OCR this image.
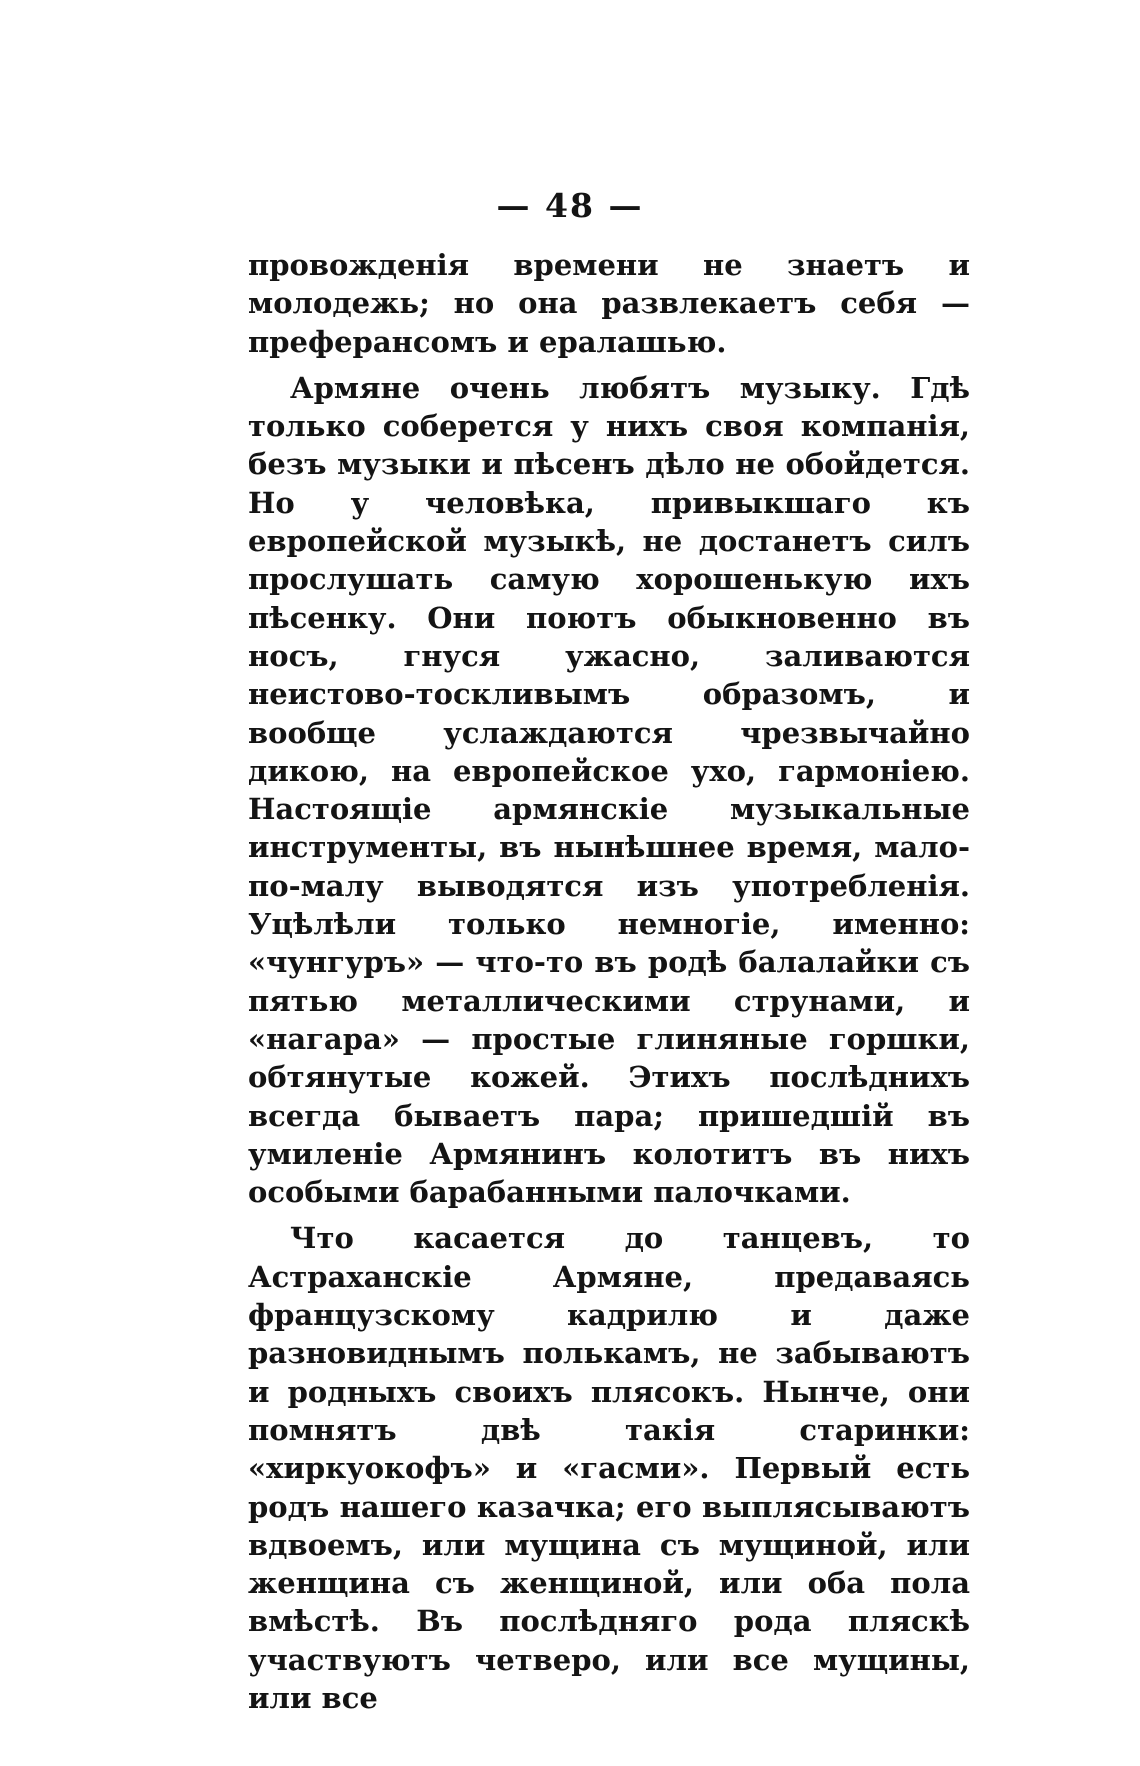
— 48 —

провожденія времени не знаетъ и молодежь; но она развлекаетъ себя — преферансомъ и ералашью.

Армяне очень любятъ музыку. Гдѣ только соберется у нихъ своя компанія, безъ музыки и пѣсенъ дѣло не обойдется. Но у человѣка, привыкшаго къ европейской музыкѣ, не достанетъ силъ прослушать самую хорошенькую ихъ пѣсенку. Они поютъ обыкновенно въ носъ, гнуся ужасно, заливаются неистово-тоскливымъ образомъ, и вообще услаждаются чрезвычайно дикою, на европейское ухо, гармоніею. Настоящіе армянскіе музыкальные инструменты, въ нынѣшнее время, мало-по-малу выводятся изъ употребленія. Уцѣлѣли только немногіе, именно: «чунгуръ» — что-то въ родѣ балалайки съ пятью металлическими струнами, и «нагара» — простые глиняные горшки, обтянутые кожей. Этихъ послѣднихъ всегда бываетъ пара; пришедшій въ умиленіе Армянинъ колотитъ въ нихъ особыми барабанными палочками.

Что касается до танцевъ, то Астраханскіе Армяне, предаваясь французскому кадрилю и даже разновиднымъ полькамъ, не забываютъ и родныхъ своихъ плясокъ. Нынче, они помнятъ двѣ такія старинки: «хиркуокофъ» и «гасми». Первый есть родъ нашего казачка; его выплясываютъ вдвоемъ, или мущина съ мущиной, или женщина съ женщиной, или оба пола вмѣстѣ. Въ послѣдняго рода пляскѣ участвуютъ четверо, или все мущины, или все
